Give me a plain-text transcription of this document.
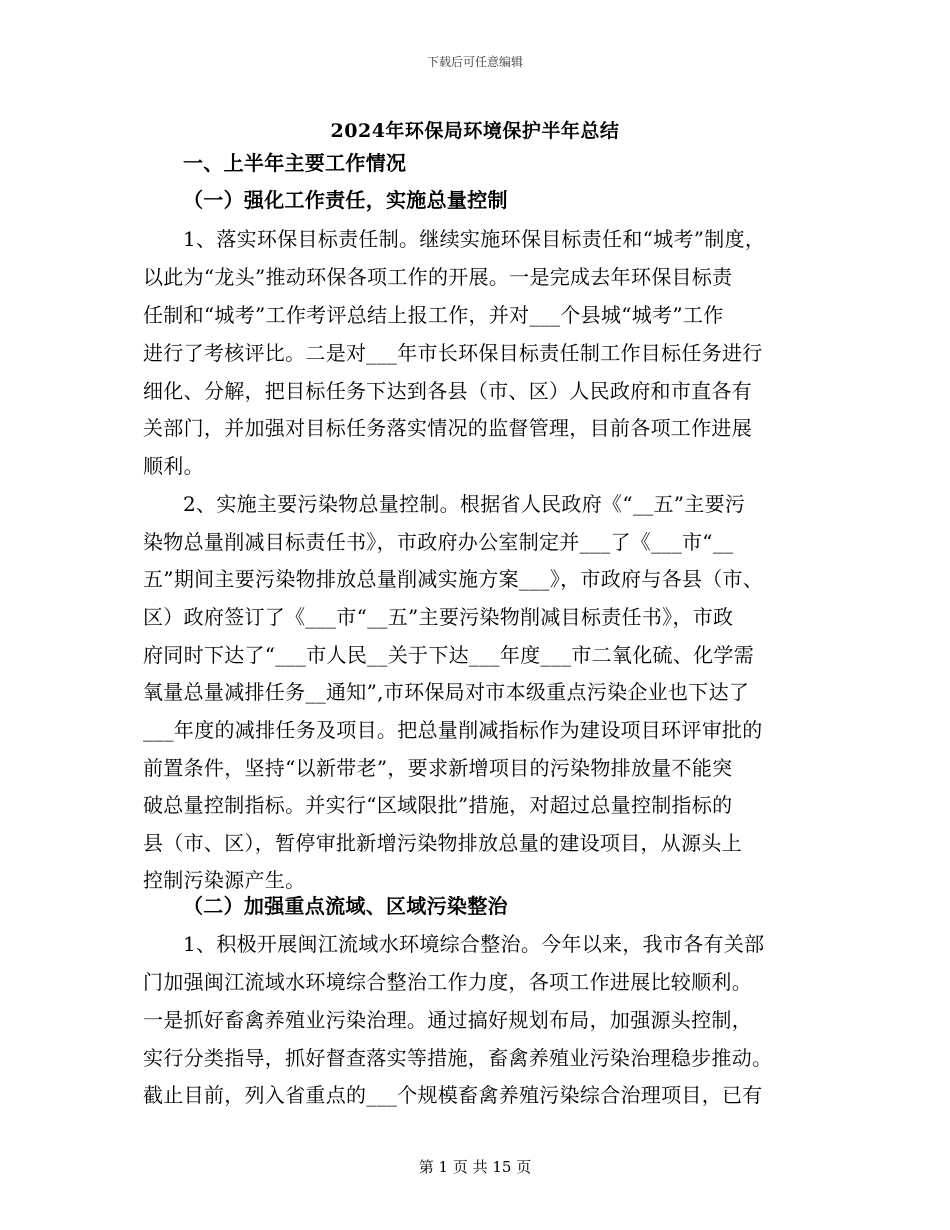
下载后可任意编辑
2024年环保局环境保护半年总结
一、上半年主要工作情况
（一）强化工作责任，实施总量控制
1、落实环保目标责任制。继续实施环保目标责任和“城考”制度，
以此为“龙头”推动环保各项工作的开展。一是完成去年环保目标责
任制和“城考”工作考评总结上报工作，并对___个县城“城考”工作
进行了考核评比。二是对___年市长环保目标责任制工作目标任务进行
细化、分解，把目标任务下达到各县（市、区）人民政府和市直各有
关部门，并加强对目标任务落实情况的监督管理，目前各项工作进展
顺利。
2、实施主要污染物总量控制。根据省人民政府《“__五”主要污
染物总量削减目标责任书》，市政府办公室制定并___了《___市“__
五”期间主要污染物排放总量削减实施方案___》，市政府与各县（市、
区）政府签订了《___市“__五”主要污染物削减目标责任书》，市政
府同时下达了“___市人民__关于下达___年度___市二氧化硫、化学需
氧量总量减排任务__通知”,市环保局对市本级重点污染企业也下达了
___年度的减排任务及项目。把总量削减指标作为建设项目环评审批的
前置条件，坚持“以新带老”，要求新增项目的污染物排放量不能突
破总量控制指标。并实行“区域限批”措施，对超过总量控制指标的
县（市、区），暂停审批新增污染物排放总量的建设项目，从源头上
控制污染源产生。
（二）加强重点流域、区域污染整治
1、积极开展闽江流域水环境综合整治。今年以来，我市各有关部
门加强闽江流域水环境综合整治工作力度，各项工作进展比较顺利。
一是抓好畜禽养殖业污染治理。通过搞好规划布局，加强源头控制，
实行分类指导，抓好督查落实等措施，畜禽养殖业污染治理稳步推动。
截止目前，列入省重点的___个规模畜禽养殖污染综合治理项目，已有
第 1 页 共 15 页
